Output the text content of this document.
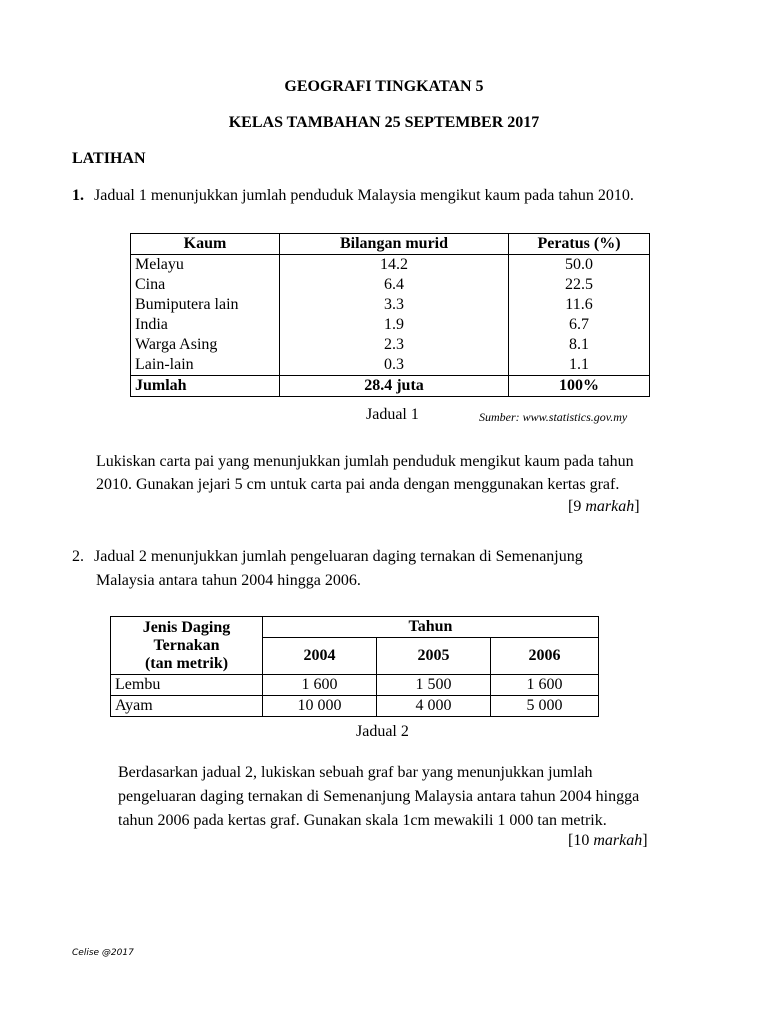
GEOGRAFI TINGKATAN 5
KELAS TAMBAHAN 25 SEPTEMBER 2017
LATIHAN
1. Jadual 1 menunjukkan jumlah penduduk Malaysia mengikut kaum pada tahun 2010.
Kaum	Bilangan murid	Peratus (%)
Melayu	14.2	50.0
Cina	6.4	22.5
Bumiputera lain	3.3	11.6
India	1.9	6.7
Warga Asing	2.3	8.1
Lain-lain	0.3	1.1
Jumlah	28.4 juta	100%
Jadual 1	Sumber: www.statistics.gov.my
Lukiskan carta pai yang menunjukkan jumlah penduduk mengikut kaum pada tahun
2010. Gunakan jejari 5 cm untuk carta pai anda dengan menggunakan kertas graf.
[9 markah]
2. Jadual 2 menunjukkan jumlah pengeluaran daging ternakan di Semenanjung
Malaysia antara tahun 2004 hingga 2006.
Jenis Daging
Ternakan
(tan metrik)	Tahun		
	2004	2005	2006
Lembu	1 600	1 500	1 600
Ayam	10 000	4 000	5 000
Jadual 2
Berdasarkan jadual 2, lukiskan sebuah graf bar yang menunjukkan jumlah
pengeluaran daging ternakan di Semenanjung Malaysia antara tahun 2004 hingga
tahun 2006 pada kertas graf. Gunakan skala 1cm mewakili 1 000 tan metrik.
[10 markah]
Celise @2017
